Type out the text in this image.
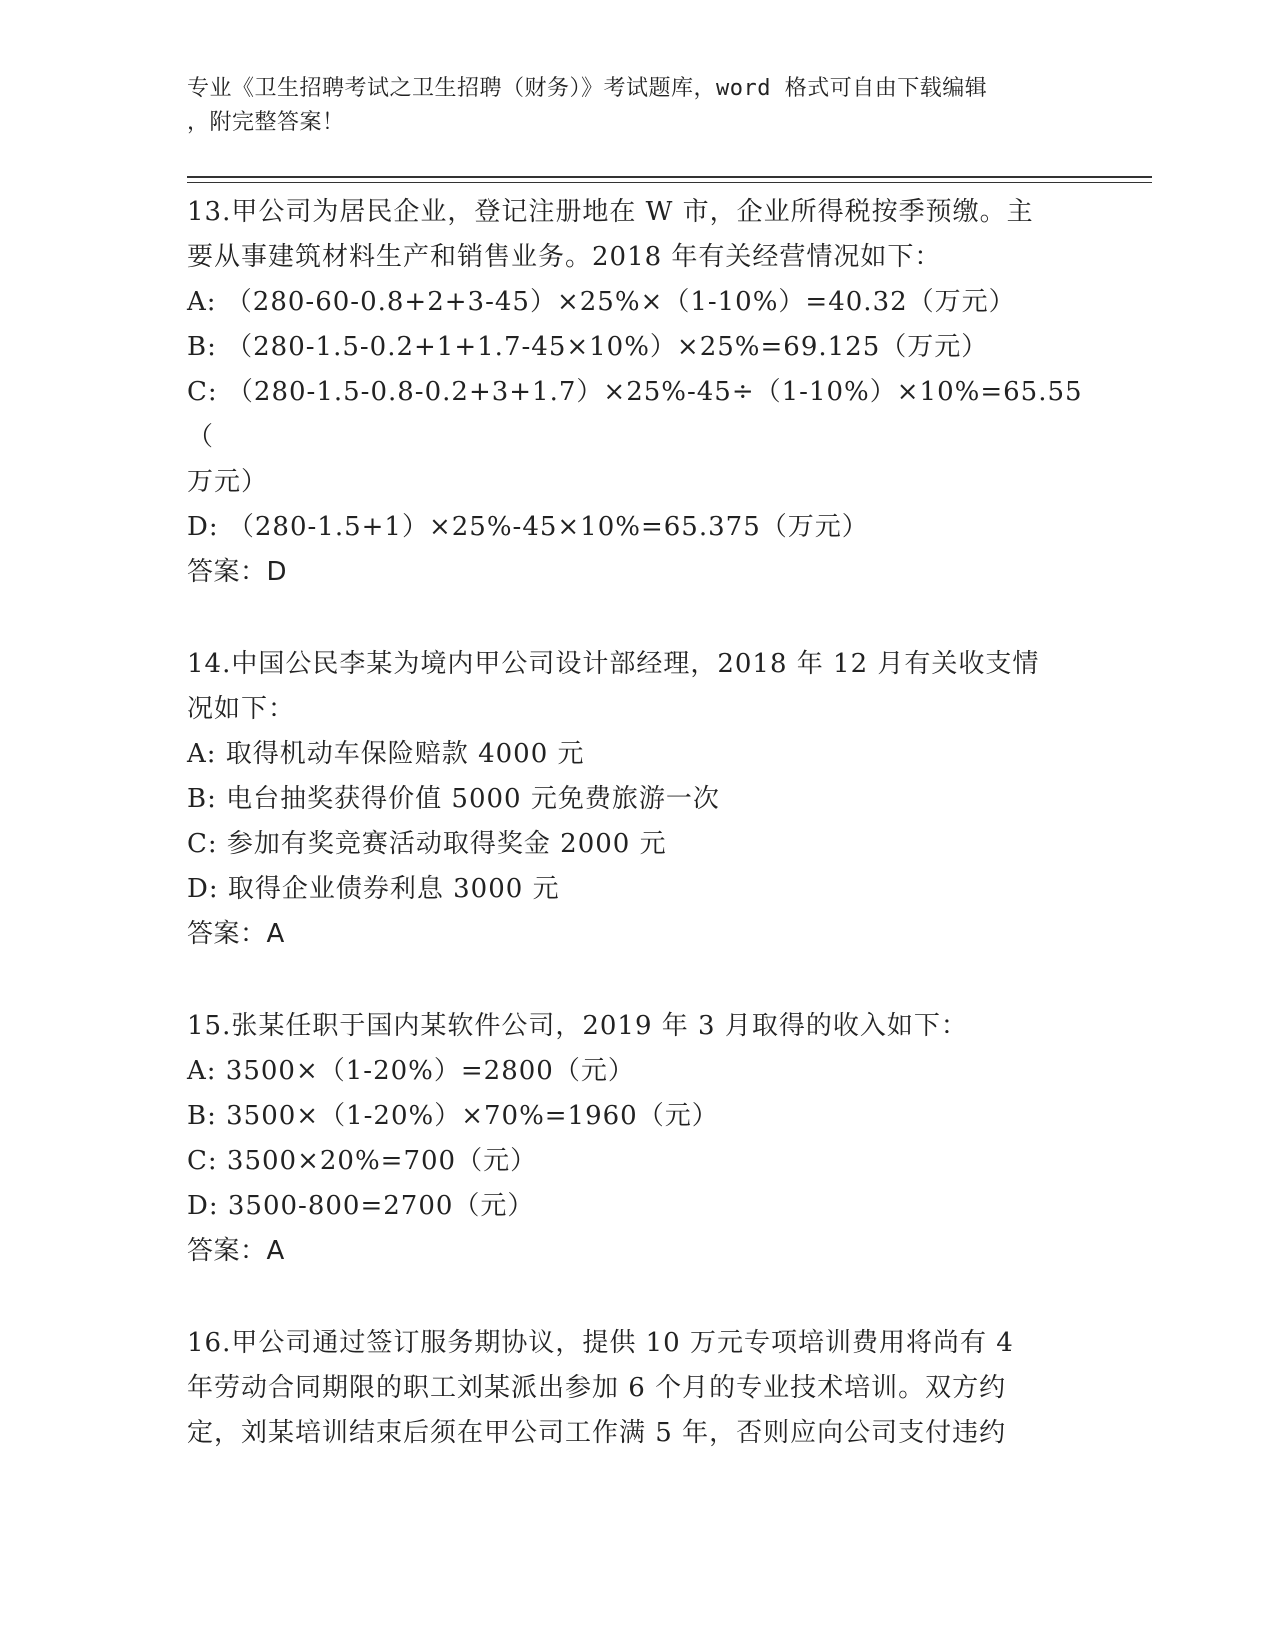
专业《卫生招聘考试之卫生招聘（财务）》考试题库，word 格式可自由下载编辑
，附完整答案！

13.甲公司为居民企业，登记注册地在 W 市，企业所得税按季预缴。主

要从事建筑材料生产和销售业务。2018 年有关经营情况如下：

A: （280-60-0.8+2+3-45）×25%×（1-10%）=40.32（万元）

B: （280-1.5-0.2+1+1.7-45×10%）×25%=69.125（万元）

C: （280-1.5-0.8-0.2+3+1.7）×25%-45÷（1-10%）×10%=65.55（

万元）

D: （280-1.5+1）×25%-45×10%=65.375（万元）

答案：D

14.中国公民李某为境内甲公司设计部经理，2018 年 12 月有关收支情

况如下：

A: 取得机动车保险赔款 4000 元

B: 电台抽奖获得价值 5000 元免费旅游一次

C: 参加有奖竞赛活动取得奖金 2000 元

D: 取得企业债券利息 3000 元

答案：A

15.张某任职于国内某软件公司，2019 年 3 月取得的收入如下：

A: 3500×（1-20%）=2800（元）

B: 3500×（1-20%）×70%=1960（元）

C: 3500×20%=700（元）

D: 3500-800=2700（元）

答案：A

16.甲公司通过签订服务期协议，提供 10 万元专项培训费用将尚有 4

年劳动合同期限的职工刘某派出参加 6 个月的专业技术培训。双方约

定，刘某培训结束后须在甲公司工作满 5 年，否则应向公司支付违约
